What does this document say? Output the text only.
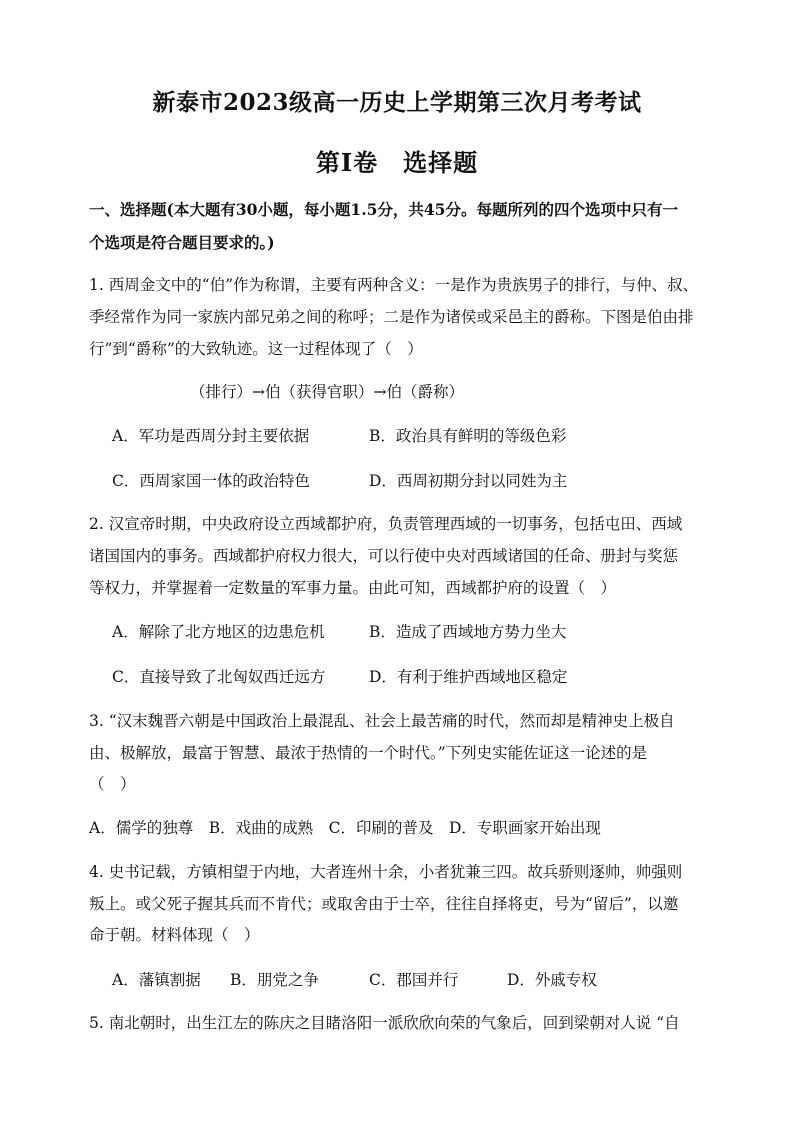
新泰市2023级高一历史上学期第三次月考考试
第Ⅰ卷　选择题
一、选择题(本大题有30小题，每小题1.5分，共45分。每题所列的四个选项中只有一
个选项是符合题目要求的。)
1. 西周金文中的“伯”作为称谓，主要有两种含义：一是作为贵族男子的排行，与仲、叔、
季经常作为同一家族内部兄弟之间的称呼；二是作为诸侯或采邑主的爵称。下图是伯由排
行”到“爵称”的大致轨迹。这一过程体现了（　）
（排行）→伯（获得官职）→伯（爵称）
A．军功是西周分封主要依据	B．政治具有鲜明的等级色彩
C．西周家国一体的政治特色	D．西周初期分封以同姓为主
2. 汉宣帝时期，中央政府设立西域都护府，负责管理西域的一切事务，包括屯田、西域
诸国国内的事务。西域都护府权力很大，可以行使中央对西域诸国的任命、册封与奖惩
等权力，并掌握着一定数量的军事力量。由此可知，西域都护府的设置（　）
A．解除了北方地区的边患危机	B．造成了西域地方势力坐大
C．直接导致了北匈奴西迁远方	D．有利于维护西域地区稳定
3. “汉末魏晋六朝是中国政治上最混乱、社会上最苦痛的时代，然而却是精神史上极自
由、极解放，最富于智慧、最浓于热情的一个时代。”下列史实能佐证这一论述的是
（　）
A．儒学的独尊　B．戏曲的成熟　C．印刷的普及　D．专职画家开始出现
4. 史书记载，方镇相望于内地，大者连州十余，小者犹兼三四。故兵骄则逐帅，帅强则
叛上。或父死子握其兵而不肯代；或取舍由于士卒，往往自择将吏，号为“留后”，以邀
命于朝。材料体现（　）
A．藩镇割据 B．朋党之争	C．郡国并行	D．外戚专权
5. 南北朝时，出生江左的陈庆之目睹洛阳一派欣欣向荣的气象后，回到梁朝对人说 “自
